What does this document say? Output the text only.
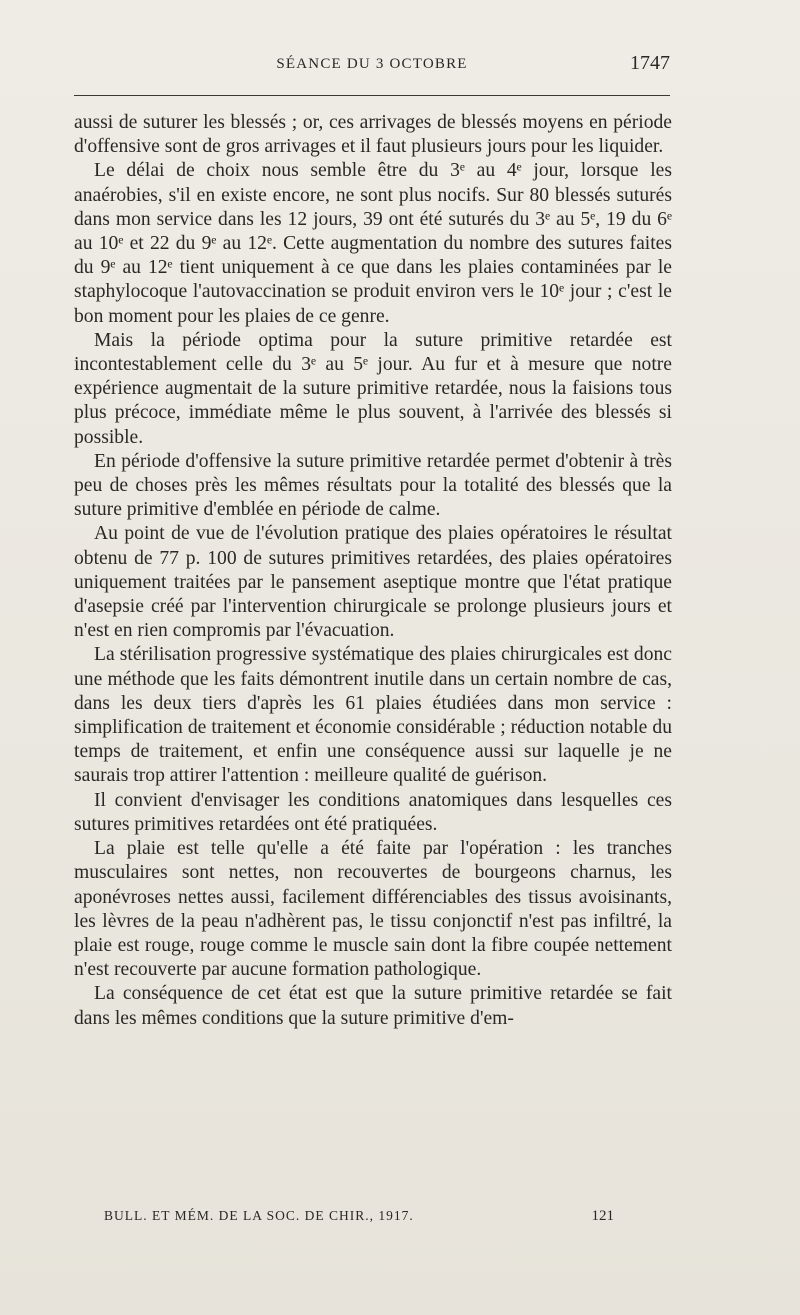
SÉANCE DU 3 OCTOBRE	1747

aussi de suturer les blessés ; or, ces arrivages de blessés moyens en période d'offensive sont de gros arrivages et il faut plusieurs jours pour les liquider.

Le délai de choix nous semble être du 3ᵉ au 4ᵉ jour, lorsque les anaérobies, s'il en existe encore, ne sont plus nocifs. Sur 80 blessés suturés dans mon service dans les 12 jours, 39 ont été suturés du 3ᵉ au 5ᵉ, 19 du 6ᵉ au 10ᵉ et 22 du 9ᵉ au 12ᵉ. Cette augmentation du nombre des sutures faites du 9ᵉ au 12ᵉ tient uniquement à ce que dans les plaies contaminées par le staphylocoque l'autovaccination se produit environ vers le 10ᵉ jour ; c'est le bon moment pour les plaies de ce genre.

Mais la période optima pour la suture primitive retardée est incontestablement celle du 3ᵉ au 5ᵉ jour. Au fur et à mesure que notre expérience augmentait de la suture primitive retardée, nous la faisions tous plus précoce, immédiate même le plus souvent, à l'arrivée des blessés si possible.

En période d'offensive la suture primitive retardée permet d'obtenir à très peu de choses près les mêmes résultats pour la totalité des blessés que la suture primitive d'emblée en période de calme.

Au point de vue de l'évolution pratique des plaies opératoires le résultat obtenu de 77 p. 100 de sutures primitives retardées, des plaies opératoires uniquement traitées par le pansement aseptique montre que l'état pratique d'asepsie créé par l'intervention chirurgicale se prolonge plusieurs jours et n'est en rien compromis par l'évacuation.

La stérilisation progressive systématique des plaies chirurgicales est donc une méthode que les faits démontrent inutile dans un certain nombre de cas, dans les deux tiers d'après les 61 plaies étudiées dans mon service : simplification de traitement et économie considérable ; réduction notable du temps de traitement, et enfin une conséquence aussi sur laquelle je ne saurais trop attirer l'attention : meilleure qualité de guérison.

Il convient d'envisager les conditions anatomiques dans lesquelles ces sutures primitives retardées ont été pratiquées.

La plaie est telle qu'elle a été faite par l'opération : les tranches musculaires sont nettes, non recouvertes de bourgeons charnus, les aponévroses nettes aussi, facilement différenciables des tissus avoisinants, les lèvres de la peau n'adhèrent pas, le tissu conjonctif n'est pas infiltré, la plaie est rouge, rouge comme le muscle sain dont la fibre coupée nettement n'est recouverte par aucune formation pathologique.

La conséquence de cet état est que la suture primitive retardée se fait dans les mêmes conditions que la suture primitive d'em-

BULL. ET MÉM. DE LA SOC. DE CHIR., 1917.	121
